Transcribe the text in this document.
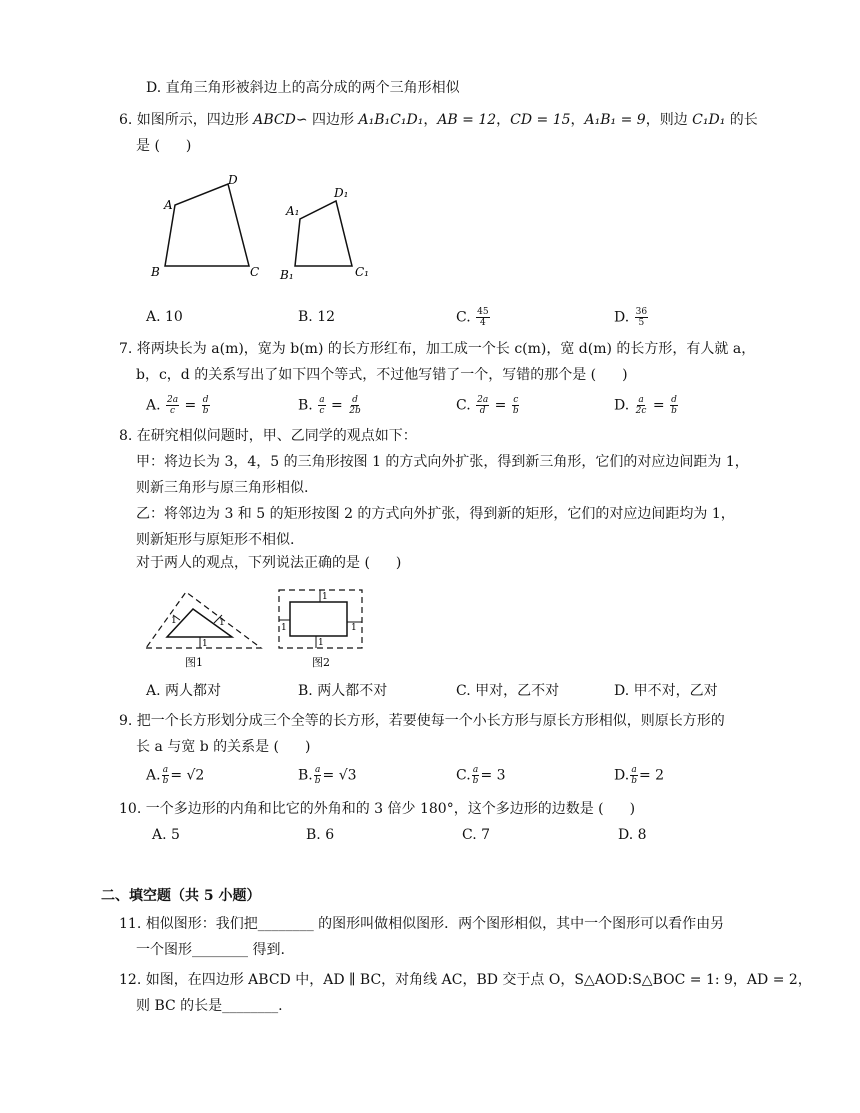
D. 直角三角形被斜边上的高分成的两个三角形相似
6. 如图所示，四边形 ABCD∽ 四边形 A₁B₁C₁D₁，AB = 12，CD = 15，A₁B₁ = 9，则边 C₁D₁ 的长
是 ( )
D
A
B	C
D₁
A₁
B₁	C₁
A. 10	B. 12	C. $\frac{45}{4}$	D. $\frac{36}{5}$
7. 将两块长为 a(m)，宽为 b(m) 的长方形红布，加工成一个长 c(m)，宽 d(m) 的长方形，有人就 a，
b，c，d 的关系写出了如下四个等式，不过他写错了一个，写错的那个是 ( )
A. $\frac{2a}{c} = \frac{d}{b}$	B. $\frac{a}{c} = \frac{d}{2b}$	C. $\frac{2a}{d} = \frac{c}{b}$	D. $\frac{a}{2c} = \frac{d}{b}$
8. 在研究相似问题时，甲、乙同学的观点如下：
甲：将边长为 3，4，5 的三角形按图 1 的方式向外扩张，得到新三角形，它们的对应边间距为 1，
则新三角形与原三角形相似.
乙：将邻边为 3 和 5 的矩形按图 2 的方式向外扩张，得到新的矩形，它们的对应边间距均为 1，
则新矩形与原矩形不相似.
对于两人的观点，下列说法正确的是 ( )
1
1	1
图1
1
1
1	1
图2
A. 两人都对	B. 两人都不对	C. 甲对，乙不对	D. 甲不对，乙对
9. 把一个长方形划分成三个全等的长方形，若要使每一个小长方形与原长方形相似，则原长方形的
长 a 与宽 b 的关系是 ( )
A. $\frac{a}{b} = √2$	B. $\frac{a}{b} = √3$	C. $\frac{a}{b} = 3$	D. $\frac{a}{b} = 2$
10. 一个多边形的内角和比它的外角和的 3 倍少 180°，这个多边形的边数是 ( )
A. 5	B. 6	C. 7	D. 8
二、填空题（共 5 小题）
11. 相似图形：我们把________ 的图形叫做相似图形．两个图形相似，其中一个图形可以看作由另
一个图形________ 得到.
12. 如图，在四边形 ABCD 中，AD ∥ BC，对角线 AC，BD 交于点 O，S△AOD:S△BOC = 1: 9，AD = 2，
则 BC 的长是________.
